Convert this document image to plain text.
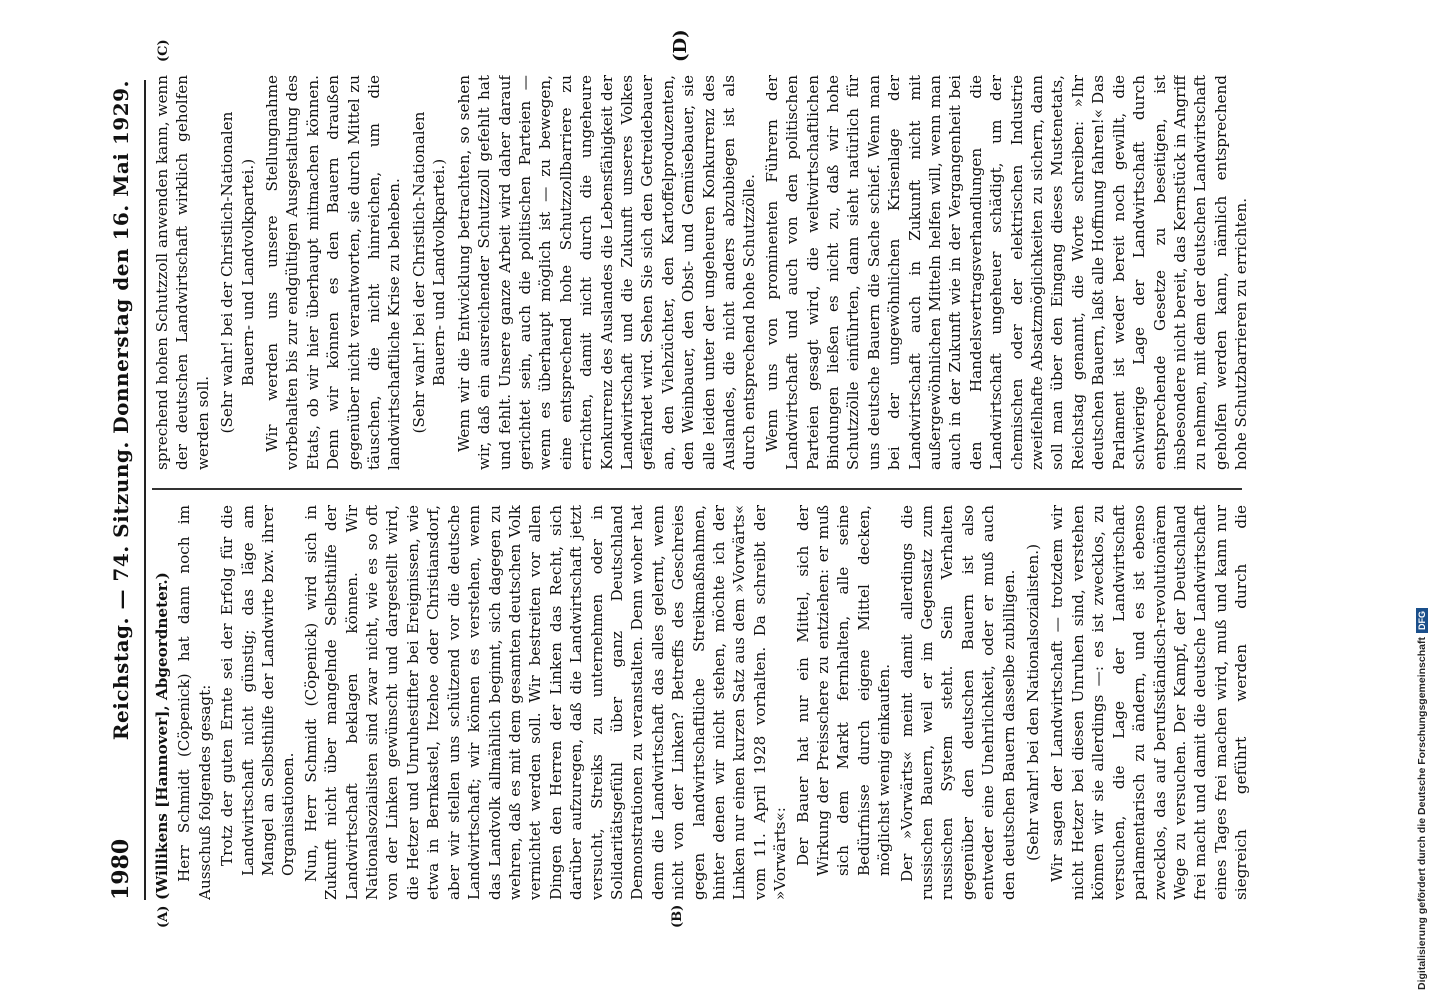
1980
Reichstag. — 74. Sitzung. Donnerstag den 16. Mai 1929.
(A)	(B)
(C)	(D)

(Willikens [Hannover], Abgeordneter.) Herr Schmidt (Cöpenick) hat dann noch im Ausschuß folgendes gesagt: Trotz der guten Ernte sei der Erfolg für die Landwirtschaft nicht günstig; das läge am Mangel an Selbsthilfe der Landwirte bzw. ihrer Organisationen. Nun, Herr Schmidt (Cöpenick) wird sich in Zukunft nicht über mangelnde Selbsthilfe der Landwirtschaft beklagen können. Wir Nationalsozialisten sind zwar nicht, wie es so oft von der Linken gewünscht und dargestellt wird, die Hetzer und Unruhestifter bei Ereignissen, wie etwa in Bernkastel, Itzehoe oder Christiansdorf, aber wir stellen uns schützend vor die deutsche Landwirtschaft; wir können es verstehen, wenn das Landvolk allmählich beginnt, sich dagegen zu wehren, daß es mit dem gesamten deutschen Volk vernichtet werden soll. Wir bestreiten vor allen Dingen den Herren der Linken das Recht, sich darüber aufzuregen, daß die Landwirtschaft jetzt versucht, Streiks zu unternehmen oder in Solidaritätsgefühl über ganz Deutschland Demonstrationen zu veranstalten. Denn woher hat denn die Landwirtschaft das alles gelernt, wenn nicht von der Linken? Betreffs des Geschreies gegen landwirtschaftliche Streikmaßnahmen, hinter denen wir nicht stehen, möchte ich der Linken nur einen kurzen Satz aus dem »Vorwärts« vom 11. April 1928 vorhalten. Da schreibt der »Vorwärts«: Der Bauer hat nur ein Mittel, sich der Wirkung der Preisschere zu entziehen: er muß sich dem Markt fernhalten, alle seine Bedürfnisse durch eigene Mittel decken, möglichst wenig einkaufen. Der »Vorwärts« meint damit allerdings die russischen Bauern, weil er im Gegensatz zum russischen System steht. Sein Verhalten gegenüber den deutschen Bauern ist also entweder eine Unehrlichkeit, oder er muß auch den deutschen Bauern dasselbe zubilligen. (Sehr wahr! bei den Nationalsozialisten.)

Wir sagen der Landwirtschaft — trotzdem wir nicht Hetzer bei diesen Unruhen sind, verstehen können wir sie allerdings —: es ist zwecklos, zu versuchen, die Lage der Landwirtschaft parlamentarisch zu ändern, und es ist ebenso zwecklos, das auf berufsständisch-revolutionärem Wege zu versuchen. Der Kampf, der Deutschland frei macht und damit die deutsche Landwirtschaft eines Tages frei machen wird, muß und kann nur siegreich geführt werden durch die

sprechend hohen Schutzzoll anwenden kann, wenn der deutschen Landwirtschaft wirklich geholfen werden soll. (Sehr wahr! bei der Christlich-Nationalen Bauern- und Landvolkpartei.) Wir werden uns unsere Stellungnahme vorbehalten bis zur endgültigen Ausgestaltung des Etats, ob wir hier überhaupt mitmachen können. Denn wir können es den Bauern draußen gegenüber nicht verantworten, sie durch Mittel zu täuschen, die nicht hinreichen, um die landwirtschaftliche Krise zu beheben. (Sehr wahr! bei der Christlich-Nationalen Bauern- und Landvolkpartei.) Wenn wir die Entwicklung betrachten, so sehen wir, daß ein ausreichender Schutzzoll gefehlt hat und fehlt. Unsere ganze Arbeit wird daher darauf gerichtet sein, auch die politischen Parteien — wenn es überhaupt möglich ist — zu bewegen, eine entsprechend hohe Schutzzollbarriere zu errichten, damit nicht durch die ungeheure Konkurrenz des Auslandes die Lebensfähigkeit der Landwirtschaft und die Zukunft unseres Volkes gefährdet wird. Sehen Sie sich den Getreidebauer an, den Viehzüchter, den Kartoffelproduzenten, den Weinbauer, den Obst- und Gemüsebauer, sie alle leiden unter der ungeheuren Konkurrenz des Auslandes, die nicht anders abzubiegen ist als durch entsprechend hohe Schutzzölle. Wenn uns von prominenten Führern der Landwirtschaft und auch von den politischen Parteien gesagt wird, die weltwirtschaftlichen Bindungen ließen es nicht zu, daß wir hohe Schutzzölle einführten, dann sieht natürlich für uns deutsche Bauern die Sache schief. Wenn man bei der ungewöhnlichen Krisenlage der Landwirtschaft auch in Zukunft nicht mit außergewöhnlichen Mitteln helfen will, wenn man auch in der Zukunft wie in der Vergangenheit bei den Handelsvertragsverhandlungen die Landwirtschaft ungeheuer schädigt, um der chemischen oder der elektrischen Industrie zweifelhafte Absatzmöglichkeiten zu sichern, dann soll man über den Eingang dieses Mustenetats, Reichstag genannt, die Worte schreiben: »Ihr deutschen Bauern, laßt alle Hoffnung fahren!« Das Parlament ist weder bereit noch gewillt, die schwierige Lage der Landwirtschaft durch entsprechende Gesetze zu beseitigen, ist insbesondere nicht bereit, das Kernstück in Angriff zu nehmen, mit dem der deutschen Landwirtschaft geholfen werden kann, nämlich entsprechend hohe Schutzbarrieren zu errichten.

Digitalisierung gefördert durch die Deutsche Forschungsgemeinschaft
DFG
